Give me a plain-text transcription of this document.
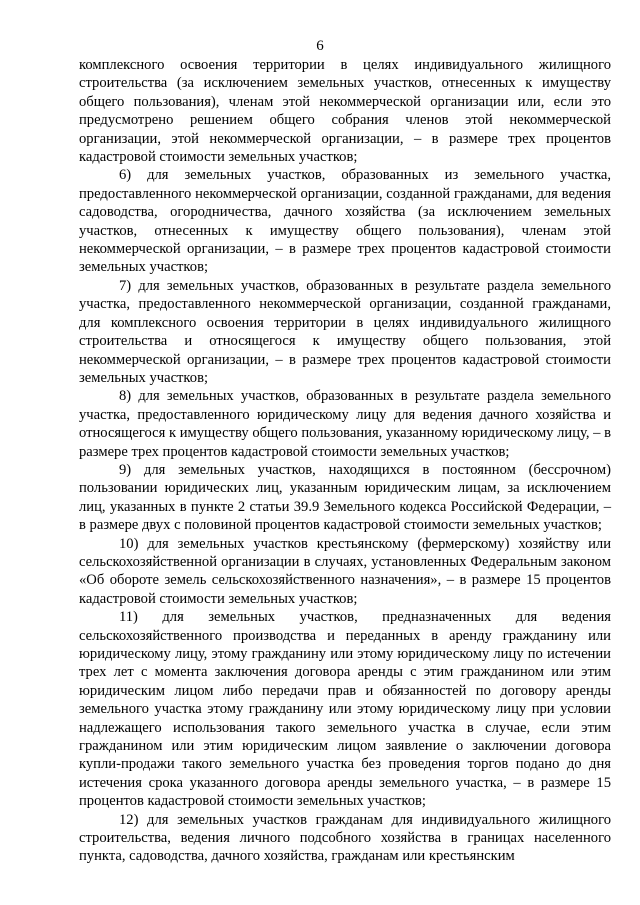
6

комплексного освоения территории в целях индивидуального жилищного строительства (за исключением земельных участков, отнесенных к имуществу общего пользования), членам этой некоммерческой организации или, если это предусмотрено решением общего собрания членов этой некоммерческой организации, этой некоммерческой организации, – в размере трех процентов кадастровой стоимости земельных участков;

6) для земельных участков, образованных из земельного участка, предоставленного некоммерческой организации, созданной гражданами, для ведения садоводства, огородничества, дачного хозяйства (за исключением земельных участков, отнесенных к имуществу общего пользования), членам этой некоммерческой организации, – в размере трех процентов кадастровой стоимости земельных участков;

7) для земельных участков, образованных в результате раздела земельного участка, предоставленного некоммерческой организации, созданной гражданами, для комплексного освоения территории в целях индивидуального жилищного строительства и относящегося к имуществу общего пользования, этой некоммерческой организации, – в размере трех процентов кадастровой стоимости земельных участков;

8) для земельных участков, образованных в результате раздела земельного участка, предоставленного юридическому лицу для ведения дачного хозяйства и относящегося к имуществу общего пользования, указанному юридическому лицу, – в размере трех процентов кадастровой стоимости земельных участков;

9) для земельных участков, находящихся в постоянном (бессрочном) пользовании юридических лиц, указанным юридическим лицам, за исключением лиц, указанных в пункте 2 статьи 39.9 Земельного кодекса Российской Федерации, – в размере двух с половиной процентов кадастровой стоимости земельных участков;

10) для земельных участков крестьянскому (фермерскому) хозяйству или сельскохозяйственной организации в случаях, установленных Федеральным законом «Об обороте земель сельскохозяйственного назначения», – в размере 15 процентов кадастровой стоимости земельных участков;

11) для земельных участков, предназначенных для ведения сельскохозяйственного производства и переданных в аренду гражданину или юридическому лицу, этому гражданину или этому юридическому лицу по истечении трех лет с момента заключения договора аренды с этим гражданином или этим юридическим лицом либо передачи прав и обязанностей по договору аренды земельного участка этому гражданину или этому юридическому лицу при условии надлежащего использования такого земельного участка в случае, если этим гражданином или этим юридическим лицом заявление о заключении договора купли-продажи такого земельного участка без проведения торгов подано до дня истечения срока указанного договора аренды земельного участка, – в размере 15 процентов кадастровой стоимости земельных участков;

12) для земельных участков гражданам для индивидуального жилищного строительства, ведения личного подсобного хозяйства в границах населенного пункта, садоводства, дачного хозяйства, гражданам или крестьянским
